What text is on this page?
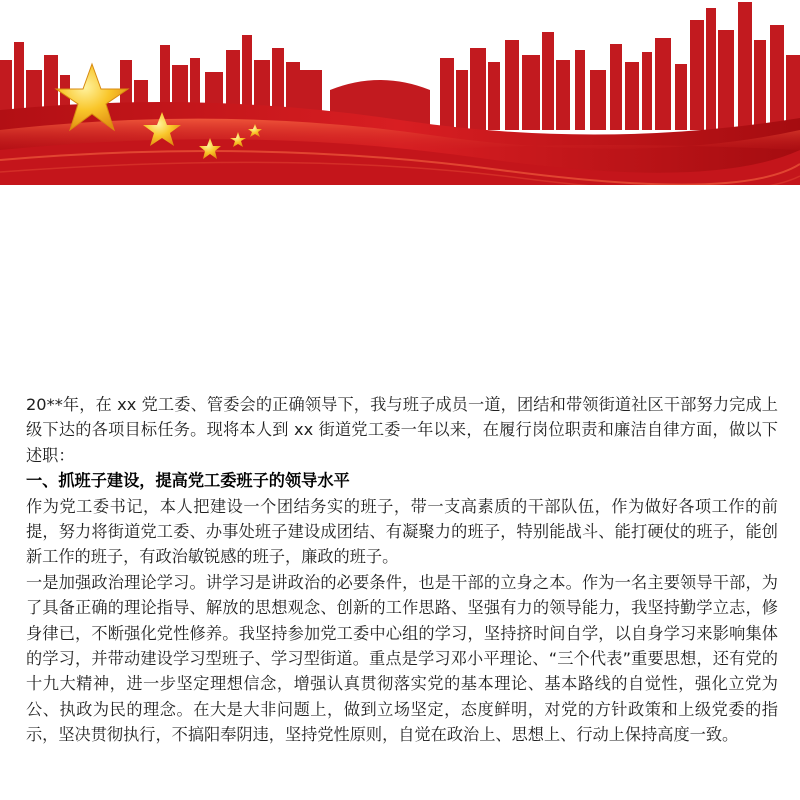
20**年，在 xx 党工委、管委会的正确领导下，我与班子成员一道，团结和带领街道社区干部努力完成上级下达的各项目标任务。现将本人到 xx 街道党工委一年以来，在履行岗位职责和廉洁自律方面，做以下述职：

一、抓班子建设，提高党工委班子的领导水平

作为党工委书记，本人把建设一个团结务实的班子，带一支高素质的干部队伍，作为做好各项工作的前提，努力将街道党工委、办事处班子建设成团结、有凝聚力的班子，特别能战斗、能打硬仗的班子，能创新工作的班子，有政治敏锐感的班子，廉政的班子。

一是加强政治理论学习。讲学习是讲政治的必要条件，也是干部的立身之本。作为一名主要领导干部，为了具备正确的理论指导、解放的思想观念、创新的工作思路、坚强有力的领导能力，我坚持勤学立志，修身律已，不断强化党性修养。我坚持参加党工委中心组的学习，坚持挤时间自学，以自身学习来影响集体的学习，并带动建设学习型班子、学习型街道。重点是学习邓小平理论、“三个代表”重要思想，还有党的十九大精神，进一步坚定理想信念，增强认真贯彻落实党的基本理论、基本路线的自觉性，强化立党为公、执政为民的理念。在大是大非问题上，做到立场坚定，态度鲜明，对党的方针政策和上级党委的指示，坚决贯彻执行，不搞阳奉阴违，坚持党性原则，自觉在政治上、思想上、行动上保持高度一致。
